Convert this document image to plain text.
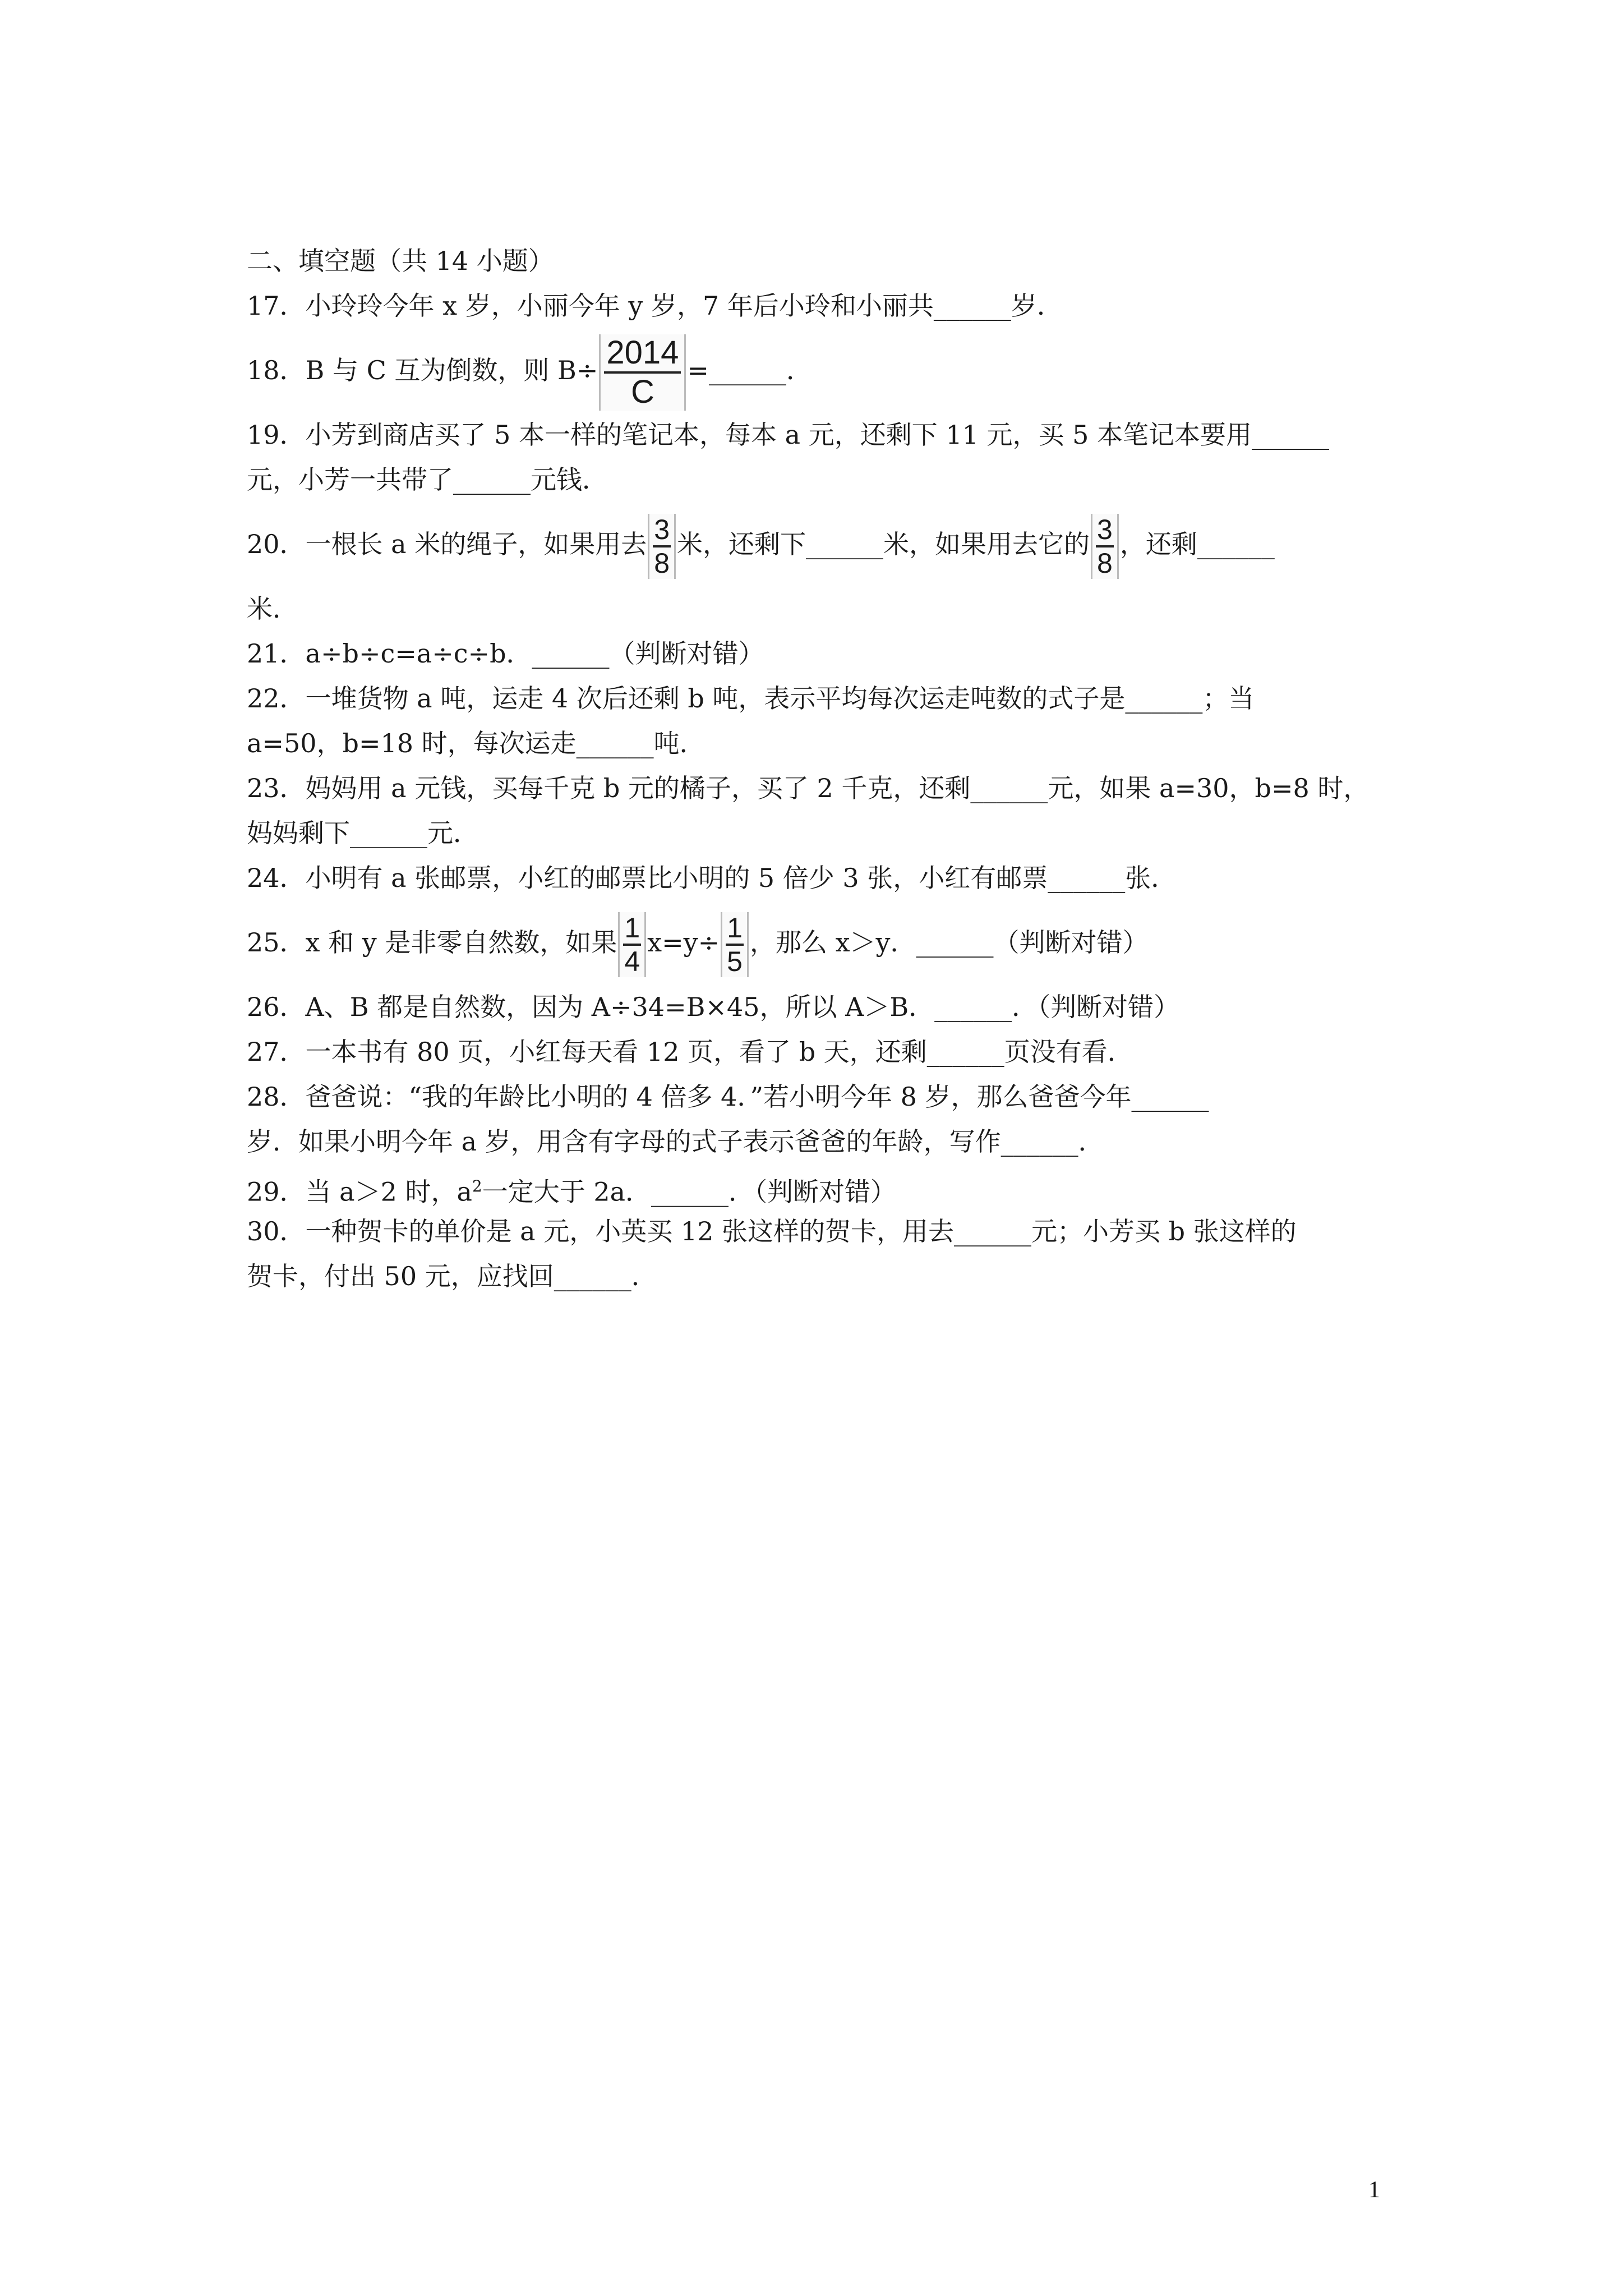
二、填空题（共 14 小题）
17．小玲玲今年 x 岁，小丽今年 y 岁，7 年后小玲和小丽共______岁．
18．B 与 C 互为倒数，则 $B\div \frac{2014}{C}$ =______．
19．小芳到商店买了 5 本一样的笔记本，每本 a 元，还剩下 11 元，买 5 本笔记本要用______
元，小芳一共带了______元钱．
20．一根长 a 米的绳子，如果用去 $\frac{3}{8}$ 米，还剩下______米，如果用去它的 $\frac{3}{8}$ ，还剩______
米．
21．a÷b÷c=a÷c÷b．______（判断对错）
22．一堆货物 a 吨，运走 4 次后还剩 b 吨，表示平均每次运走吨数的式子是______；当
a=50，b=18 时，每次运走______吨．
23．妈妈用 a 元钱，买每千克 b 元的橘子，买了 2 千克，还剩______元，如果 a=30，b=8 时，
妈妈剩下______元．
24．小明有 a 张邮票，小红的邮票比小明的 5 倍少 3 张，小红有邮票______张．
25．x 和 y 是非零自然数，如果 $\frac{1}{4} x=y\div \frac{1}{5}$ ，那么 x＞y．______（判断对错）
26．A、B 都是自然数，因为 A÷34=B×45，所以 A＞B．______．（判断对错）
27．一本书有 80 页，小红每天看 12 页，看了 b 天，还剩______页没有看．
28．爸爸说：“我的年龄比小明的 4 倍多 4．”若小明今年 8 岁，那么爸爸今年______
岁．如果小明今年 a 岁，用含有字母的式子表示爸爸的年龄，写作______．
29．当 a＞2 时，$a^2$一定大于 2a．______．（判断对错）
30．一种贺卡的单价是 a 元，小英买 12 张这样的贺卡，用去______元；小芳买 b 张这样的
贺卡，付出 50 元，应找回______．
1
